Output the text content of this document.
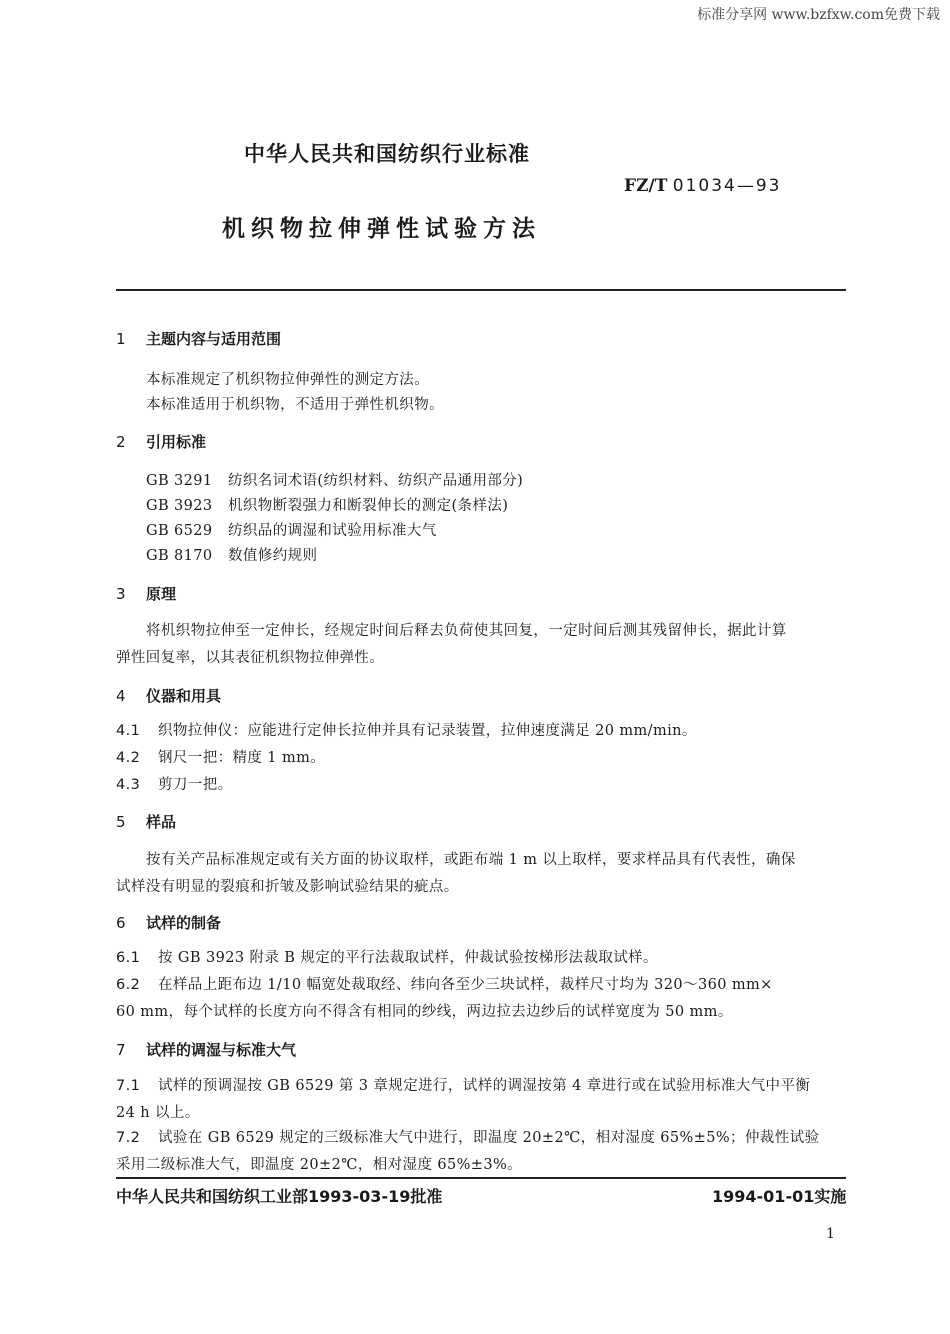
标准分享网 www.bzfxw.com免费下载
中华人民共和国纺织行业标准
FZ/T 01034—93
机织物拉伸弹性试验方法
1 主题内容与适用范围
本标准规定了机织物拉伸弹性的测定方法。
本标准适用于机织物，不适用于弹性机织物。
2 引用标准
GB 3291 纺织名词术语(纺织材料、纺织产品通用部分)
GB 3923 机织物断裂强力和断裂伸长的测定(条样法)
GB 6529 纺织品的调湿和试验用标准大气
GB 8170 数值修约规则
3 原理
将机织物拉伸至一定伸长，经规定时间后释去负荷使其回复，一定时间后测其残留伸长，据此计算
弹性回复率，以其表征机织物拉伸弹性。
4 仪器和用具
4.1 织物拉伸仪：应能进行定伸长拉伸并具有记录装置，拉伸速度满足 20 mm/min。
4.2 钢尺一把：精度 1 mm。
4.3 剪刀一把。
5 样品
按有关产品标准规定或有关方面的协议取样，或距布端 1 m 以上取样，要求样品具有代表性，确保
试样没有明显的裂痕和折皱及影响试验结果的疵点。
6 试样的制备
6.1 按 GB 3923 附录 B 规定的平行法裁取试样，仲裁试验按梯形法裁取试样。
6.2 在样品上距布边 1/10 幅宽处裁取经、纬向各至少三块试样，裁样尺寸均为 320～360 mm×
60 mm，每个试样的长度方向不得含有相同的纱线，两边拉去边纱后的试样宽度为 50 mm。
7 试样的调湿与标准大气
7.1 试样的预调湿按 GB 6529 第 3 章规定进行，试样的调湿按第 4 章进行或在试验用标准大气中平衡
24 h 以上。
7.2 试验在 GB 6529 规定的三级标准大气中进行，即温度 20±2℃，相对湿度 65%±5%；仲裁性试验
采用二级标准大气，即温度 20±2℃，相对湿度 65%±3%。
中华人民共和国纺织工业部1993-03-19批准	1994-01-01实施
1
